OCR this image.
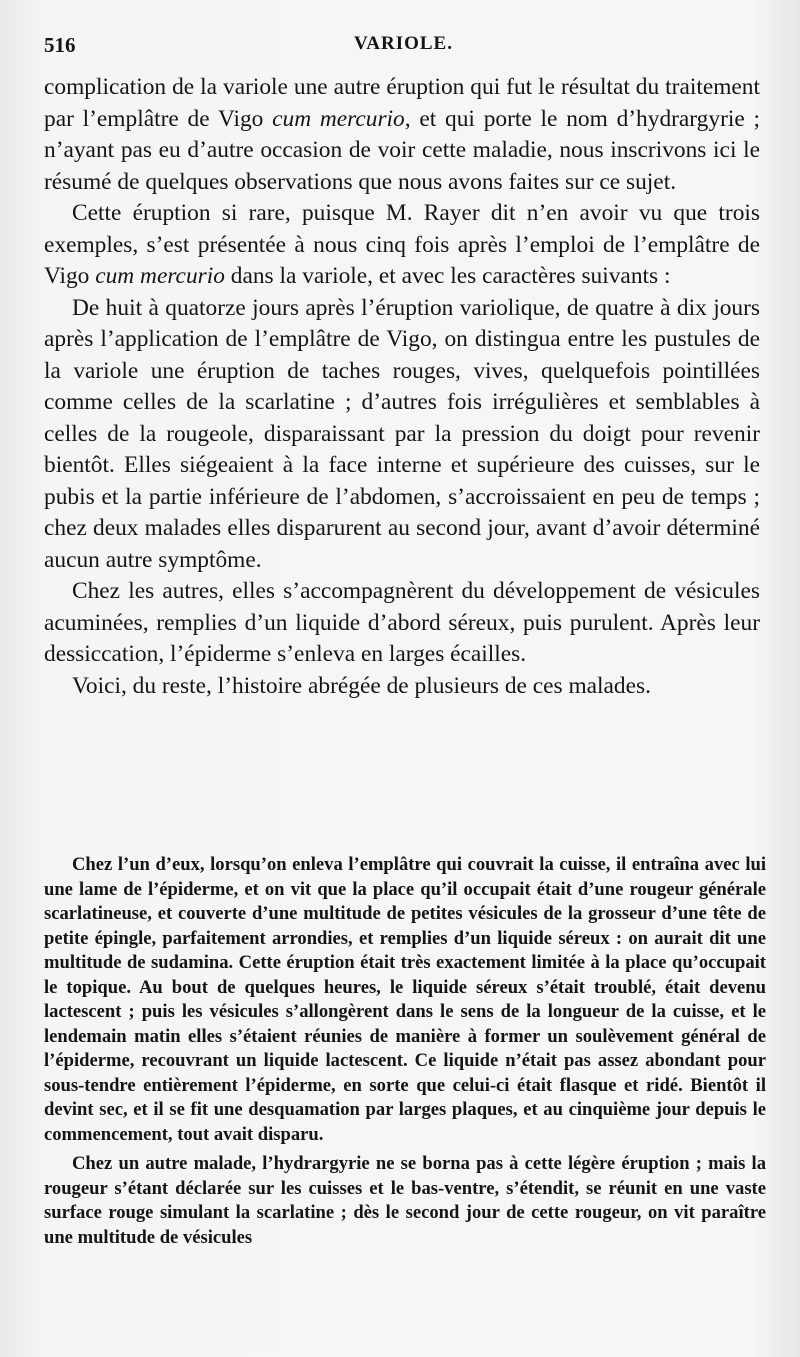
516	VARIOLE.

complication de la variole une autre éruption qui fut le résultat du traitement par l’emplâtre de Vigo cum mercurio, et qui porte le nom d’hydrargyrie ; n’ayant pas eu d’autre occasion de voir cette maladie, nous inscrivons ici le résumé de quelques observations que nous avons faites sur ce sujet.

Cette éruption si rare, puisque M. Rayer dit n’en avoir vu que trois exemples, s’est présentée à nous cinq fois après l’emploi de l’emplâtre de Vigo cum mercurio dans la variole, et avec les caractères suivants :

De huit à quatorze jours après l’éruption variolique, de quatre à dix jours après l’application de l’emplâtre de Vigo, on distingua entre les pustules de la variole une éruption de taches rouges, vives, quelquefois pointillées comme celles de la scarlatine ; d’autres fois irrégulières et semblables à celles de la rougeole, disparaissant par la pression du doigt pour revenir bientôt. Elles siégeaient à la face interne et supérieure des cuisses, sur le pubis et la partie inférieure de l’abdomen, s’accroissaient en peu de temps ; chez deux malades elles disparurent au second jour, avant d’avoir déterminé aucun autre symptôme.

Chez les autres, elles s’accompagnèrent du développement de vésicules acuminées, remplies d’un liquide d’abord séreux, puis purulent. Après leur dessiccation, l’épiderme s’enleva en larges écailles.

Voici, du reste, l’histoire abrégée de plusieurs de ces malades.

Chez l’un d’eux, lorsqu’on enleva l’emplâtre qui couvrait la cuisse, il entraîna avec lui une lame de l’épiderme, et on vit que la place qu’il occupait était d’une rougeur générale scarlatineuse, et couverte d’une multitude de petites vésicules de la grosseur d’une tête de petite épingle, parfaitement arrondies, et remplies d’un liquide séreux : on aurait dit une multitude de sudamina. Cette éruption était très exactement limitée à la place qu’occupait le topique. Au bout de quelques heures, le liquide séreux s’était troublé, était devenu lactescent ; puis les vésicules s’allongèrent dans le sens de la longueur de la cuisse, et le lendemain matin elles s’étaient réunies de manière à former un soulèvement général de l’épiderme, recouvrant un liquide lactescent. Ce liquide n’était pas assez abondant pour sous-tendre entièrement l’épiderme, en sorte que celui-ci était flasque et ridé. Bientôt il devint sec, et il se fit une desquamation par larges plaques, et au cinquième jour depuis le commencement, tout avait disparu.

Chez un autre malade, l’hydrargyrie ne se borna pas à cette légère éruption ; mais la rougeur s’étant déclarée sur les cuisses et le bas-ventre, s’étendit, se réunit en une vaste surface rouge simulant la scarlatine ; dès le second jour de cette rougeur, on vit paraître une multitude de vésicules
